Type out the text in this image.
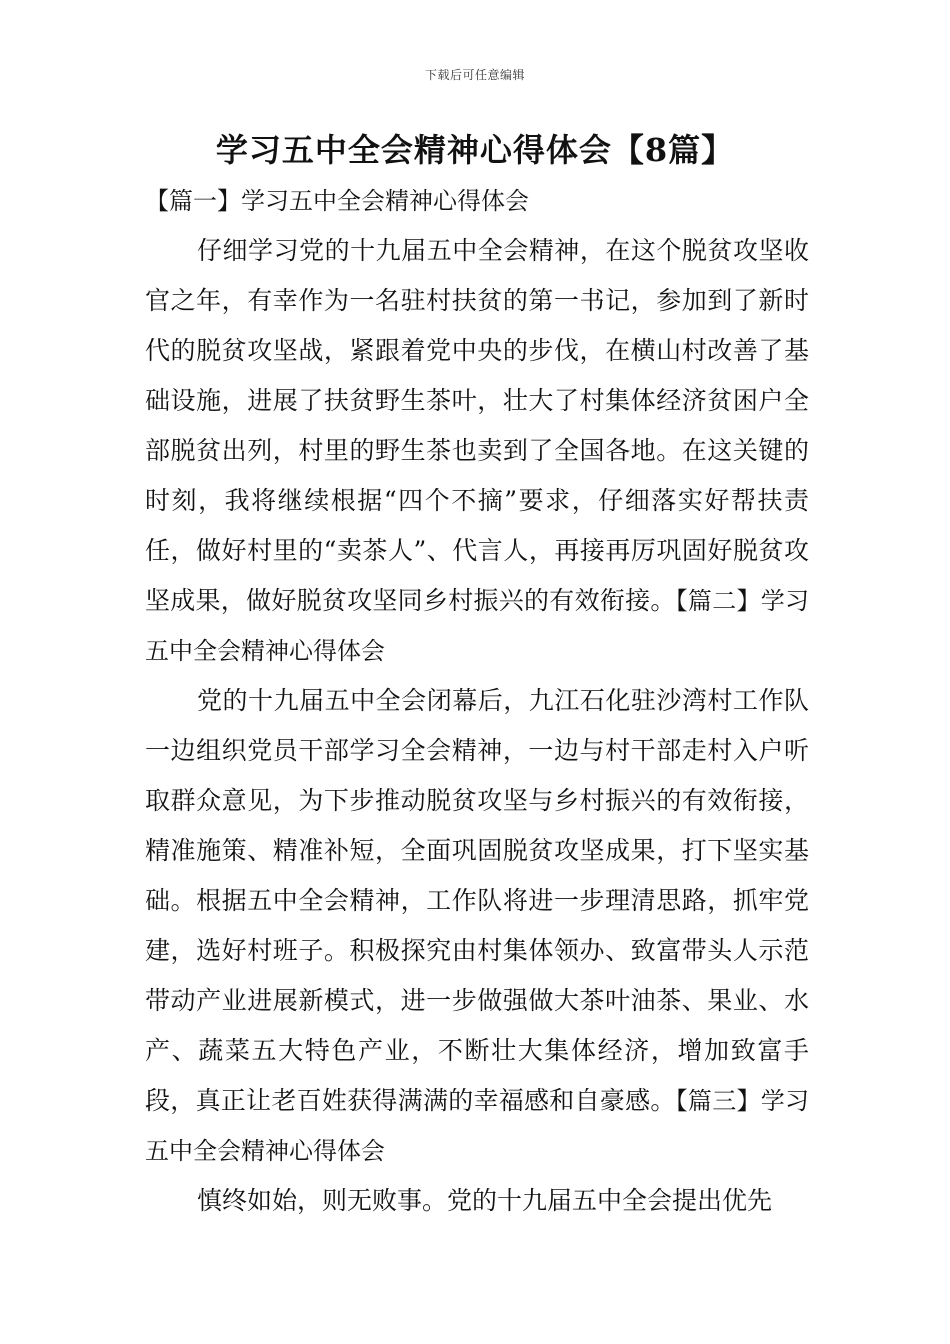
下载后可任意编辑
学习五中全会精神心得体会【8篇】

【篇一】学习五中全会精神心得体会

仔细学习党的十九届五中全会精神，在这个脱贫攻坚收官之年，有幸作为一名驻村扶贫的第一书记，参加到了新时代的脱贫攻坚战，紧跟着党中央的步伐，在横山村改善了基础设施，进展了扶贫野生茶叶，壮大了村集体经济贫困户全部脱贫出列，村里的野生茶也卖到了全国各地。在这关键的时刻，我将继续根据“四个不摘”要求，仔细落实好帮扶责任，做好村里的“卖茶人”、代言人，再接再厉巩固好脱贫攻坚成果，做好脱贫攻坚同乡村振兴的有效衔接。【篇二】学习五中全会精神心得体会

党的十九届五中全会闭幕后，九江石化驻沙湾村工作队一边组织党员干部学习全会精神，一边与村干部走村入户听取群众意见，为下步推动脱贫攻坚与乡村振兴的有效衔接，精准施策、精准补短，全面巩固脱贫攻坚成果，打下坚实基础。根据五中全会精神，工作队将进一步理清思路，抓牢党建，选好村班子。积极探究由村集体领办、致富带头人示范带动产业进展新模式，进一步做强做大茶叶油茶、果业、水产、蔬菜五大特色产业，不断壮大集体经济，增加致富手段，真正让老百姓获得满满的幸福感和自豪感。【篇三】学习五中全会精神心得体会

慎终如始，则无败事。党的十九届五中全会提出优先
